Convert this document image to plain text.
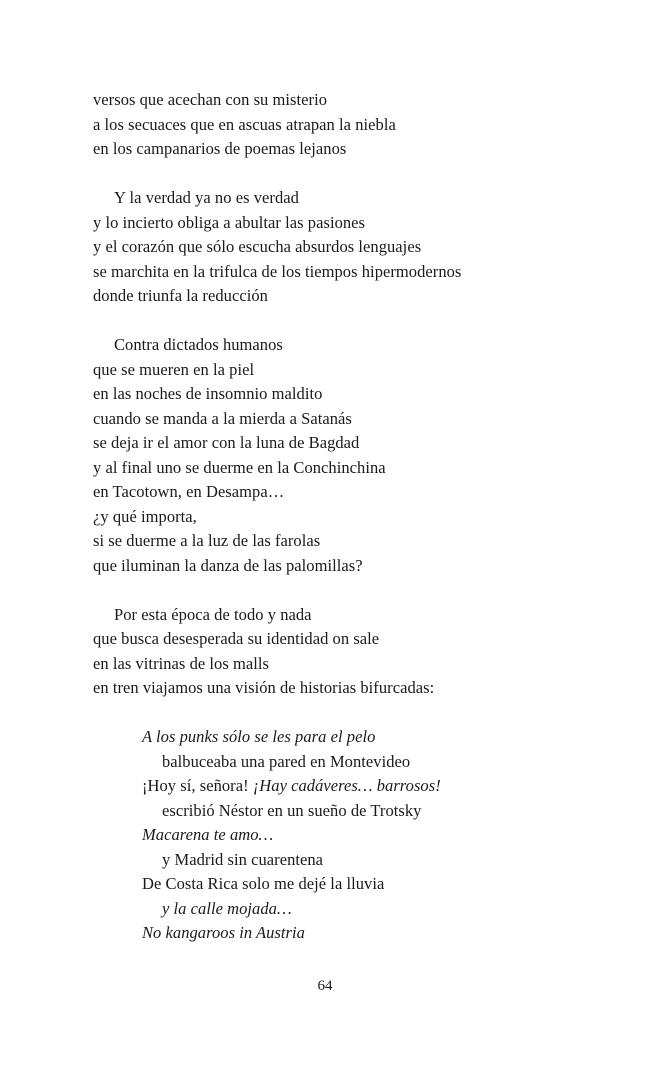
versos que acechan con su misterio
a los secuaces que en ascuas atrapan la niebla
en los campanarios de poemas lejanos
Y la verdad ya no es verdad
y lo incierto obliga a abultar las pasiones
y el corazón que sólo escucha absurdos lenguajes
se marchita en la trifulca de los tiempos hipermodernos
donde triunfa la reducción
Contra dictados humanos
que se mueren en la piel
en las noches de insomnio maldito
cuando se manda a la mierda a Satanás
se deja ir el amor con la luna de Bagdad
y al final uno se duerme en la Conchinchina
en Tacotown, en Desampa…
¿y qué importa,
si se duerme a la luz de las farolas
que iluminan la danza de las palomillas?
Por esta época de todo y nada
que busca desesperada su identidad on sale
en las vitrinas de los malls
en tren viajamos una visión de historias bifurcadas:
A los punks sólo se les para el pelo
balbuceaba una pared en Montevideo
¡Hoy sí, señora! ¡Hay cadáveres… barrosos!
escribió Néstor en un sueño de Trotsky
Macarena te amo…
y Madrid sin cuarentena
De Costa Rica solo me dejé la lluvia
y la calle mojada…
No kangaroos in Austria
64
